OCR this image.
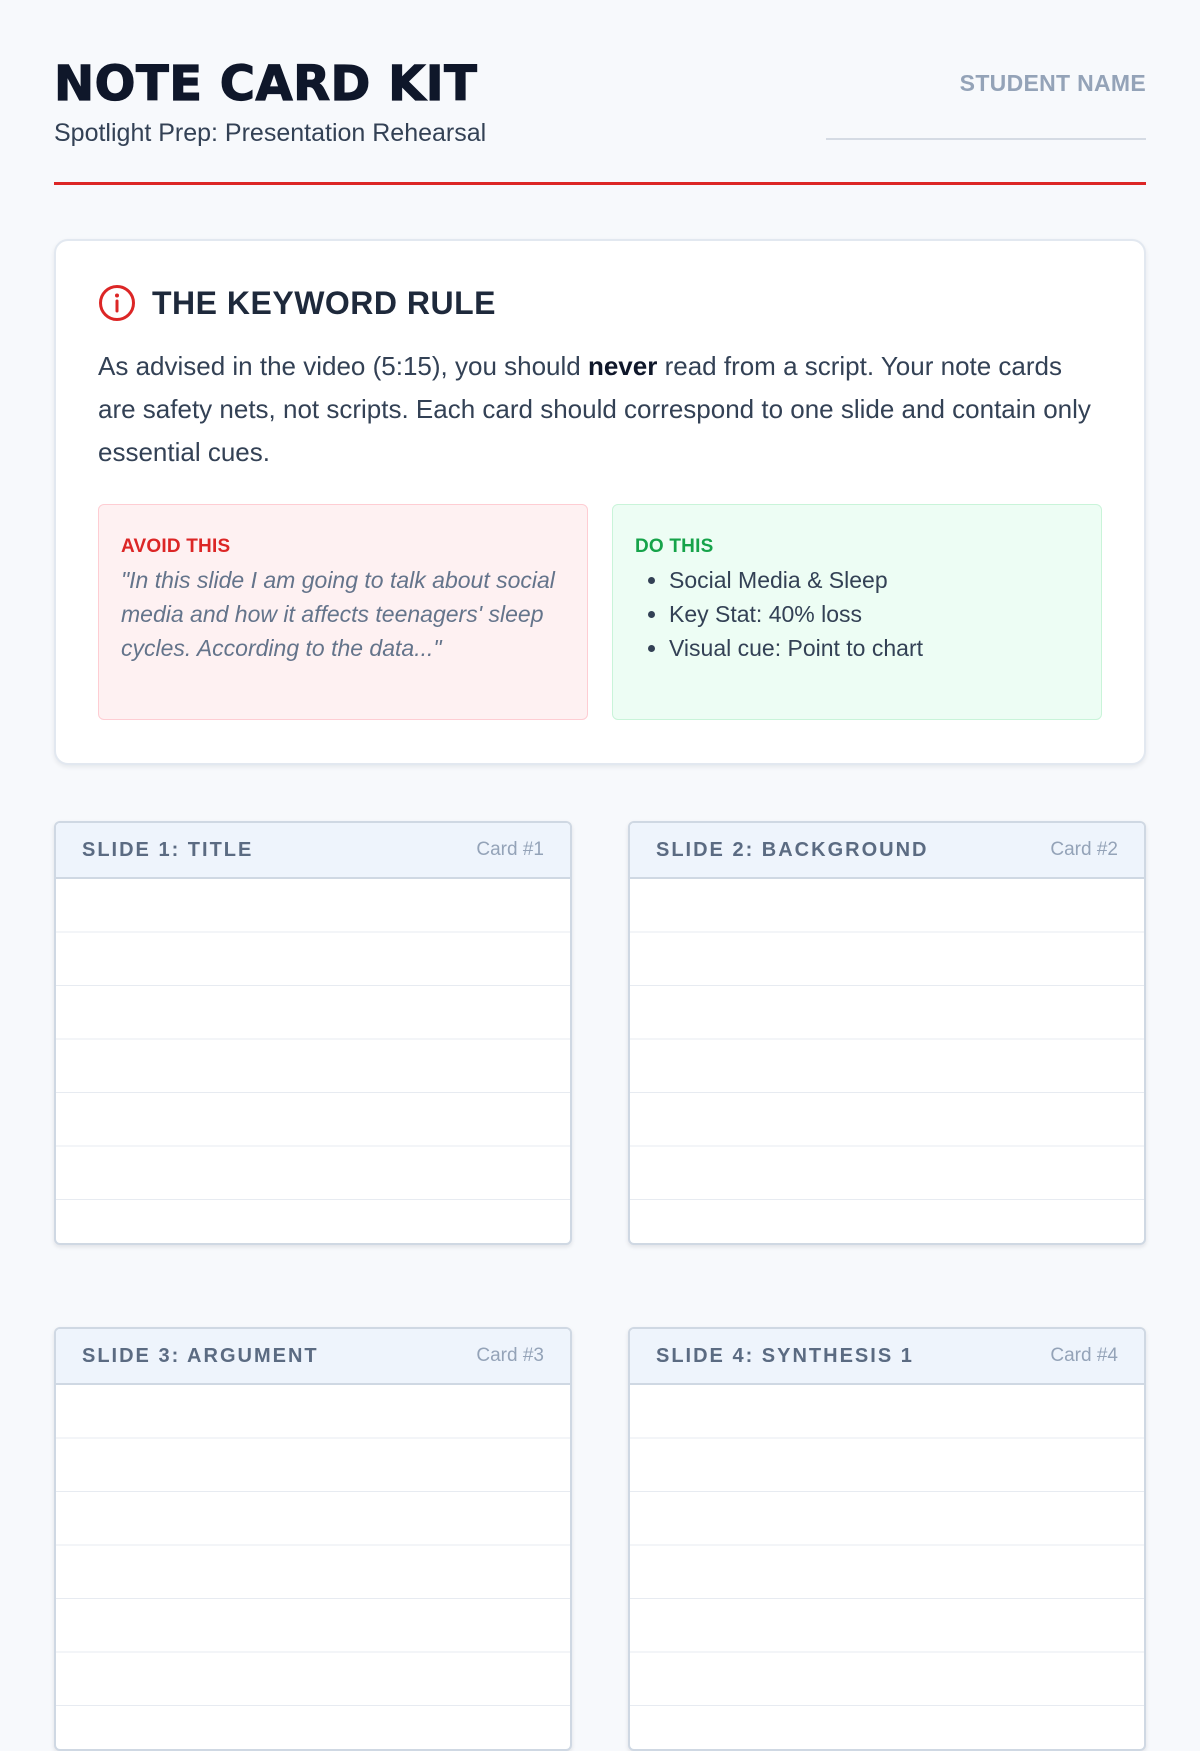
NOTE CARD KIT
Spotlight Prep: Presentation Rehearsal
STUDENT NAME
THE KEYWORD RULE
As advised in the video (5:15), you should never read from a script. Your note cards are safety nets, not scripts. Each card should correspond to one slide and contain only essential cues.
AVOID THIS
"In this slide I am going to talk about social media and how it affects teenagers' sleep cycles. According to the data..."
DO THIS
• Social Media & Sleep
• Key Stat: 40% loss
• Visual cue: Point to chart
SLIDE 1: TITLE	Card #1	SLIDE 2: BACKGROUND	Card #2
SLIDE 3: ARGUMENT	Card #3	SLIDE 4: SYNTHESIS 1	Card #4
